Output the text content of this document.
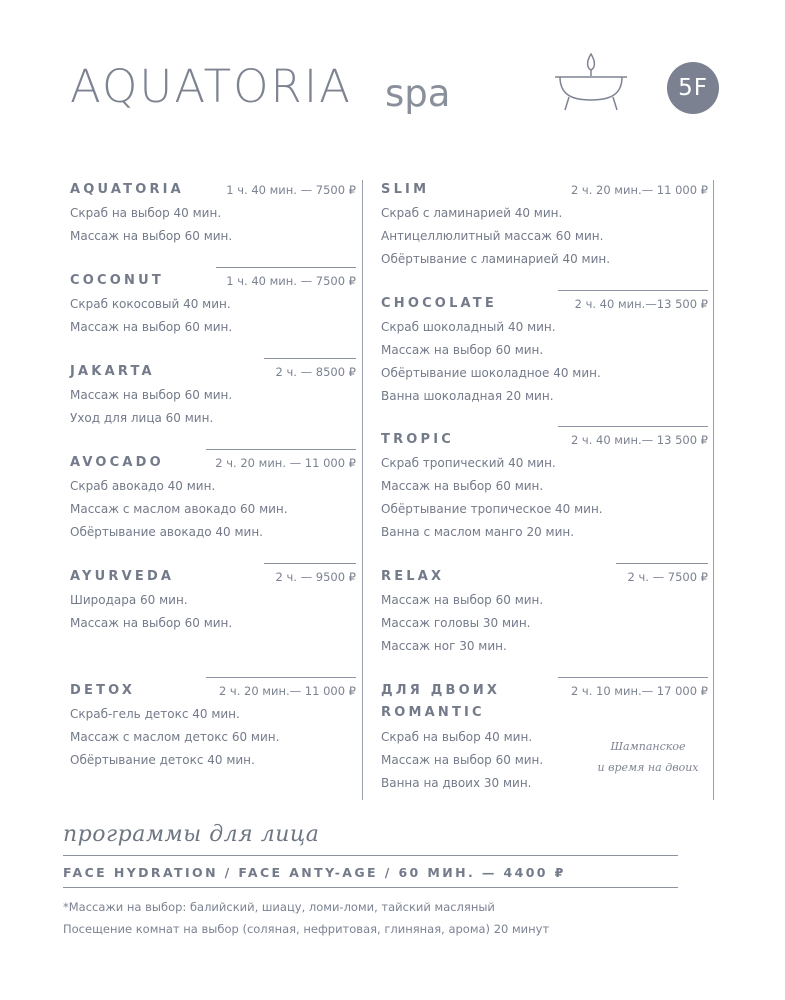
AQUATORIA spa	5F
AQUATORIA	1 ч. 40 мин. — 7500 ₽
Скраб на выбор 40 мин.
Массаж на выбор 60 мин.
COCONUT	1 ч. 40 мин. — 7500 ₽
Скраб кокосовый 40 мин.
Массаж на выбор 60 мин.
JAKARTA	2 ч. — 8500 ₽
Массаж на выбор 60 мин.
Уход для лица 60 мин.
AVOCADO	2 ч. 20 мин. — 11 000 ₽
Скраб авокадо 40 мин.
Массаж с маслом авокадо 60 мин.
Обёртывание авокадо 40 мин.
AYURVEDA	2 ч. — 9500 ₽
Широдара 60 мин.
Массаж на выбор 60 мин.
DETOX	2 ч. 20 мин.— 11 000 ₽
Скраб-гель детокс 40 мин.
Массаж с маслом детокс 60 мин.
Обёртывание детокс 40 мин.
SLIM	2 ч. 20 мин.— 11 000 ₽
Скраб с ламинарией 40 мин.
Антицеллюлитный массаж 60 мин.
Обёртывание с ламинарией 40 мин.
CHOCOLATE	2 ч. 40 мин.—13 500 ₽
Скраб шоколадный 40 мин.
Массаж на выбор 60 мин.
Обёртывание шоколадное 40 мин.
Ванна шоколадная 20 мин.
TROPIC	2 ч. 40 мин.— 13 500 ₽
Скраб тропический 40 мин.
Массаж на выбор 60 мин.
Обёртывание тропическое 40 мин.
Ванна с маслом манго 20 мин.
RELAX	2 ч. — 7500 ₽
Массаж на выбор 60 мин.
Массаж головы 30 мин.
Массаж ног 30 мин.
ДЛЯ ДВОИХ
ROMANTIC
2 ч. 10 мин.— 17 000 ₽
Скраб на выбор 40 мин.
Массаж на выбор 60 мин.
Ванна на двоих 30 мин.
Шампанское
и время на двоих
программы для лица
FACE HYDRATION / FACE ANTY-AGE / 60 МИН. — 4400 ₽
*Массажи на выбор: балийский, шиацу, ломи-ломи, тайский масляный
Посещение комнат на выбор (соляная, нефритовая, глиняная, арома) 20 минут
